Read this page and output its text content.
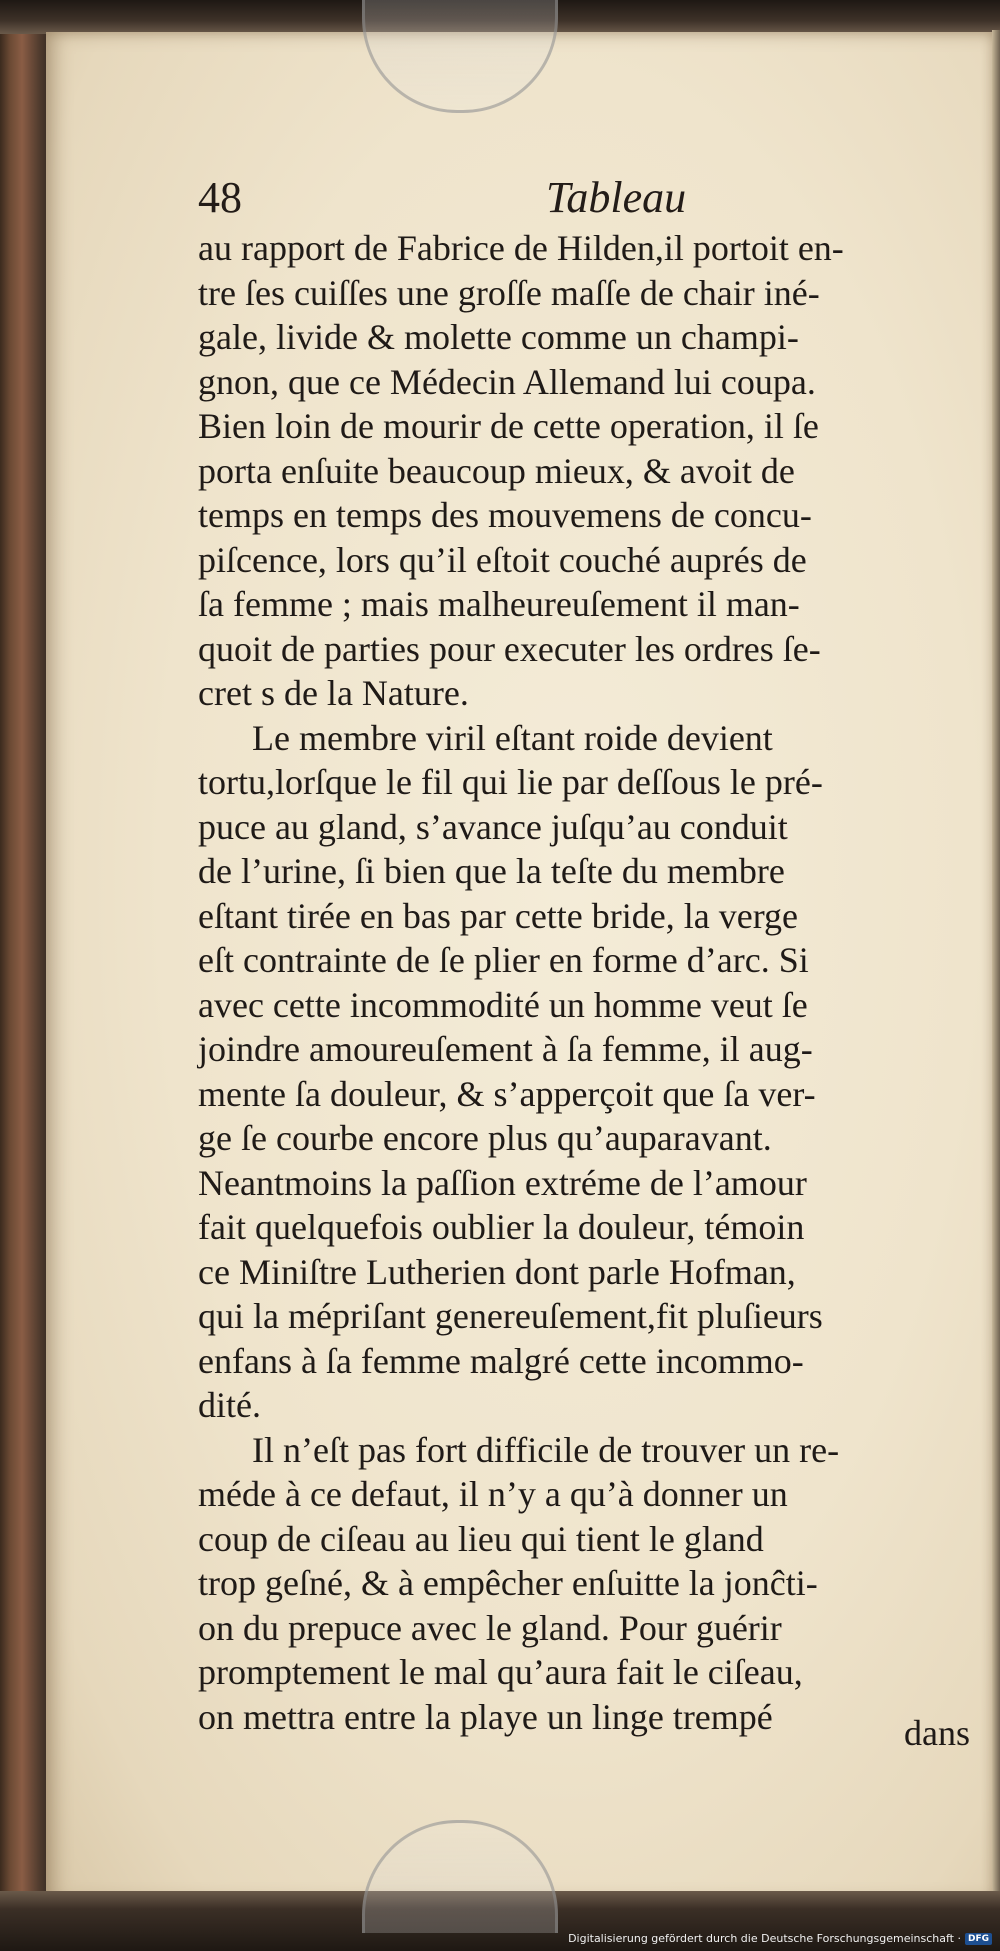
48	Tableau
au rapport de Fabrice de Hilden,il portoit en-
tre ſes cuiſſes une groſſe maſſe de chair iné-
gale, livide & molette comme un champi-
gnon, que ce Médecin Allemand lui coupa.
Bien loin de mourir de cette operation, il ſe
porta enſuite beaucoup mieux, & avoit de
temps en temps des mouvemens de concu-
piſcence, lors qu’il eſtoit couché auprés de
ſa femme ; mais malheureuſement il man-
quoit de parties pour executer les ordres ſe-
cret s de la Nature.
Le membre viril eſtant roide devient
tortu,lorſque le fil qui lie par deſſous le pré-
puce au gland, s’avance juſqu’au conduit
de l’urine, ſi bien que la teſte du membre
eſtant tirée en bas par cette bride, la verge
eſt contrainte de ſe plier en forme d’arc. Si
avec cette incommodité un homme veut ſe
joindre amoureuſement à ſa femme, il aug-
mente ſa douleur, & s’apperçoit que ſa ver-
ge ſe courbe encore plus qu’auparavant.
Neantmoins la paſſion extréme de l’amour
fait quelquefois oublier la douleur, témoin
ce Miniſtre Lutherien dont parle Hofman,
qui la mépriſant genereuſement,fit pluſieurs
enfans à ſa femme malgré cette incommo-
dité.
Il n’eſt pas fort difficile de trouver un re-
méde à ce defaut, il n’y a qu’à donner un
coup de ciſeau au lieu qui tient le gland
trop geſné, & à empêcher enſuitte la jonĉti-
on du prepuce avec le gland. Pour guérir
promptement le mal qu’aura fait le ciſeau,
on mettra entre la playe un linge trempé	dans
Digitalisierung gefördert durch die Deutsche Forschungsgemeinschaft · DFG
